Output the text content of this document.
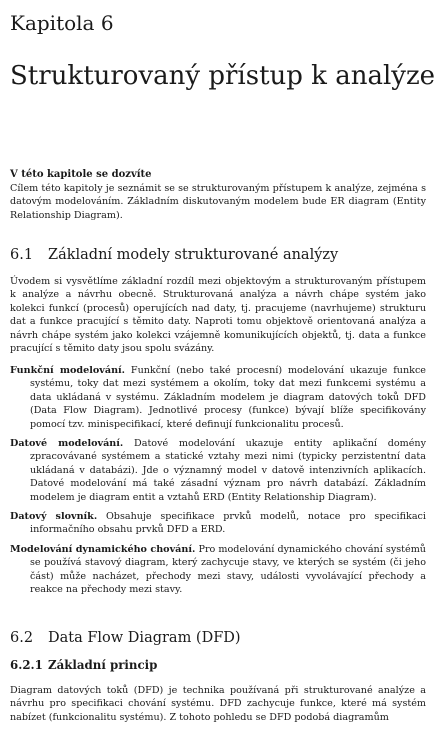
Kapitola 6
Strukturovaný přístup k analýze
V této kapitole se dozvíte

Cílem této kapitoly je seznámit se se strukturovaným přístupem k analýze, zejména s datovým modelováním. Základním diskutovaným modelem bude ER diagram (Entity Relationship Diagram).

6.1 Základní modely strukturované analýzy

Úvodem si vysvětlíme základní rozdíl mezi objektovým a strukturovaným přístupem k analýze a návrhu obecně. Strukturovaná analýza a návrh chápe systém jako kolekci funkcí (procesů) operujících nad daty, tj. pracujeme (navrhujeme) strukturu dat a funkce pracující s těmito daty. Naproti tomu objektově orientovaná analýza a návrh chápe systém jako kolekci vzájemně komunikujících objektů, tj. data a funkce pracující s těmito daty jsou spolu svázány.

Funkční modelování. Funkční (nebo také procesní) modelování ukazuje funkce systému, toky dat mezi systémem a okolím, toky dat mezi funkcemi systému a data ukládaná v systému. Základním modelem je diagram datových toků DFD (Data Flow Diagram). Jednotlivé procesy (funkce) bývají blíže specifikovány pomocí tzv. minispecifikací, které definují funkcionalitu procesů.

Datové modelování. Datové modelování ukazuje entity aplikační domény zpracovávané systémem a statické vztahy mezi nimi (typicky perzistentní data ukládaná v databázi). Jde o významný model v datově intenzivních aplikacích. Datové modelování má také zásadní význam pro návrh databází. Základním modelem je diagram entit a vztahů ERD (Entity Relationship Diagram).

Datový slovník. Obsahuje specifikace prvků modelů, notace pro specifikaci informačního obsahu prvků DFD a ERD.

Modelování dynamického chování. Pro modelování dynamického chování systémů se používá stavový diagram, který zachycuje stavy, ve kterých se systém (či jeho část) může nacházet, přechody mezi stavy, události vyvolávající přechody a reakce na přechody mezi stavy.

6.2 Data Flow Diagram (DFD)
6.2.1 Základní princip

Diagram datových toků (DFD) je technika používaná při strukturované analýze a návrhu pro specifikaci chování systému. DFD zachycuje funkce, které má systém nabízet (funkcionalitu systému). Z tohoto pohledu se DFD podobá diagramům
